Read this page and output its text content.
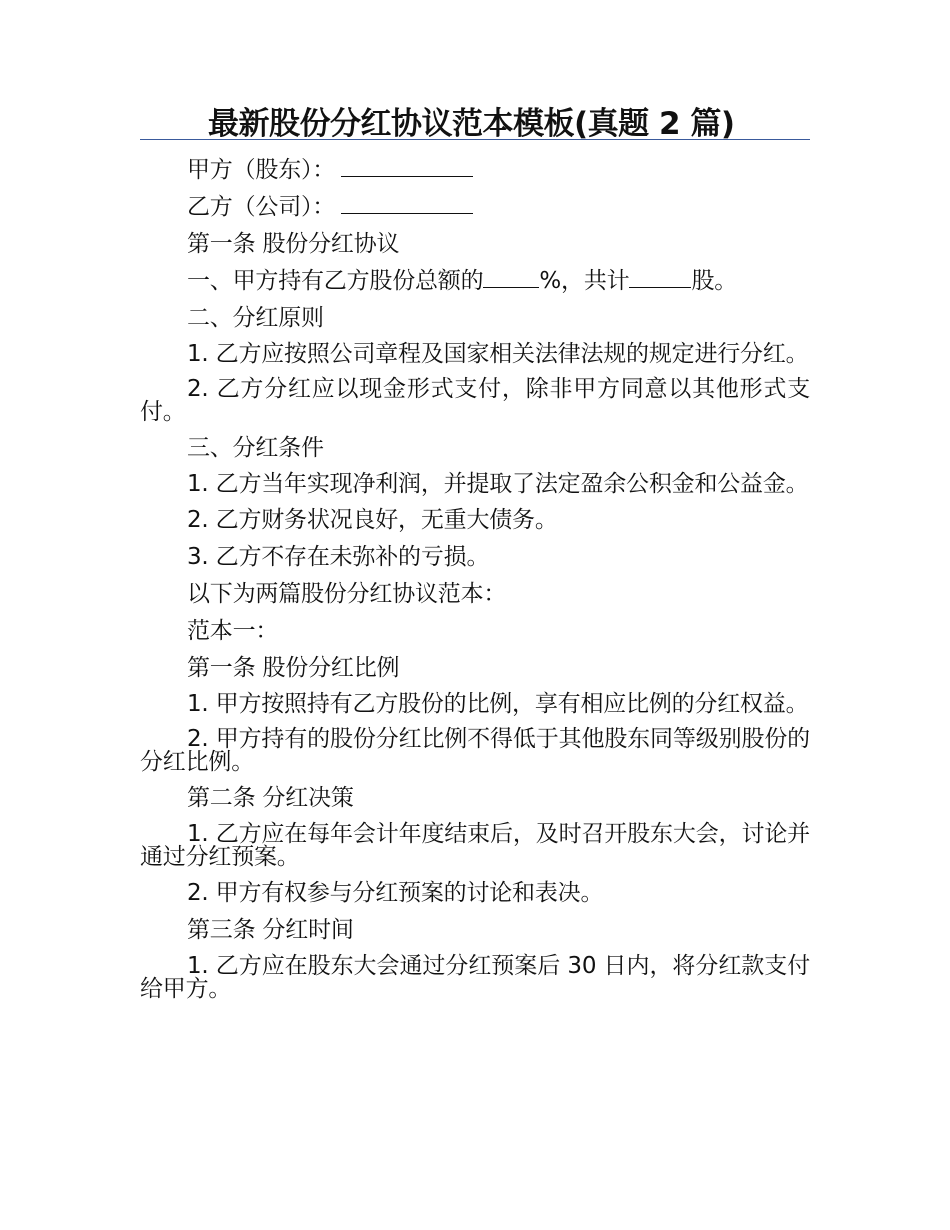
最新股份分红协议范本模板(真题 2 篇)

甲方（股东）：

乙方（公司）：

第一条 股份分红协议

一、甲方持有乙方股份总额的 %，共计	股。

二、分红原则

1. 乙方应按照公司章程及国家相关法律法规的规定进行分红。

2. 乙方分红应以现金形式支付，除非甲方同意以其他形式支付。

三、分红条件

1. 乙方当年实现净利润，并提取了法定盈余公积金和公益金。

2. 乙方财务状况良好，无重大债务。

3. 乙方不存在未弥补的亏损。

以下为两篇股份分红协议范本：

范本一：

第一条 股份分红比例

1. 甲方按照持有乙方股份的比例，享有相应比例的分红权益。

2. 甲方持有的股份分红比例不得低于其他股东同等级别股份的分红比例。

第二条 分红决策

1. 乙方应在每年会计年度结束后，及时召开股东大会，讨论并通过分红预案。

2. 甲方有权参与分红预案的讨论和表决。

第三条 分红时间

1. 乙方应在股东大会通过分红预案后 30 日内，将分红款支付给甲方。
